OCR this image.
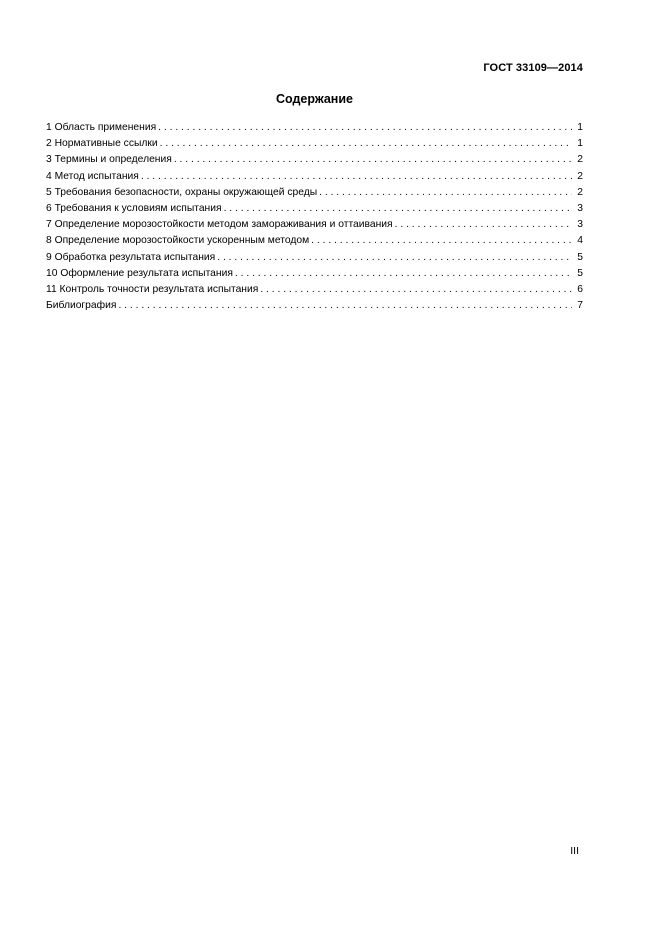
ГОСТ 33109—2014
Содержание
1 Область применения . . .	1
2 Нормативные ссылки . . .	1
3 Термины и определения . . .	2
4 Метод испытания . . .	2
5 Требования безопасности, охраны окружающей среды . . .	2
6 Требования к условиям испытания . . .	3
7 Определение морозостойкости методом замораживания и оттаивания . . .	3
8 Определение морозостойкости ускоренным методом . . .	4
9 Обработка результата испытания . . .	5
10 Оформление результата испытания . . .	5
11 Контроль точности результата испытания . . .	6
Библиография . . .	7
III
